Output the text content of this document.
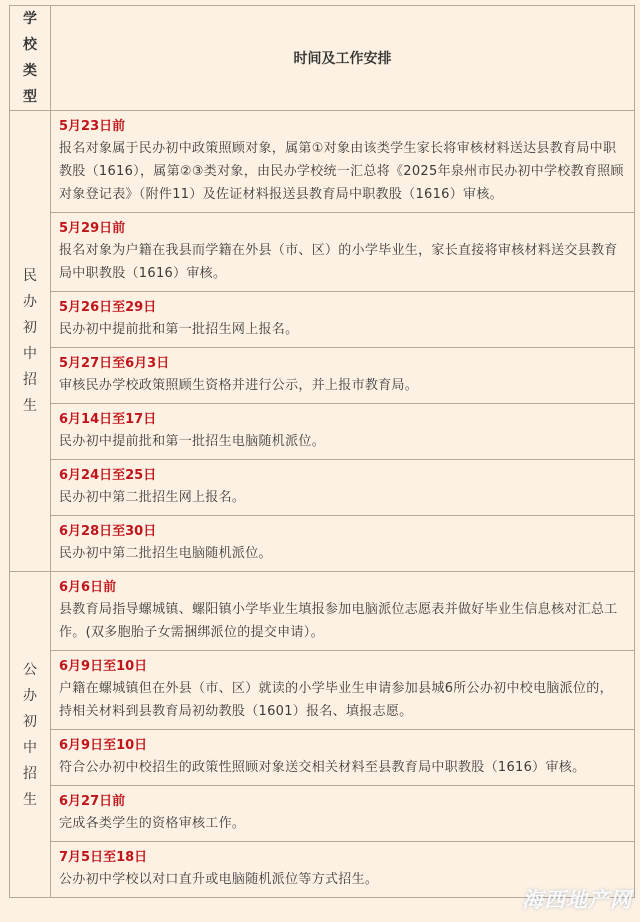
学校类型	时间及工作安排
民办初中招生	5月23日前
报名对象属于民办初中政策照顾对象，属第①对象由该类学生家长将审核材料送达县教育局中职教股（1616），属第②③类对象，由民办学校统一汇总将《2025年泉州市民办初中学校教育照顾对象登记表》（附件11）及佐证材料报送县教育局中职教股（1616）审核。

	5月29日前
报名对象为户籍在我县而学籍在外县（市、区）的小学毕业生，家长直接将审核材料送交县教育局中职教股（1616）审核。

	5月26日至29日
民办初中提前批和第一批招生网上报名。

	5月27日至6月3日
审核民办学校政策照顾生资格并进行公示，并上报市教育局。

	6月14日至17日
民办初中提前批和第一批招生电脑随机派位。

	6月24日至25日
民办初中第二批招生网上报名。

	6月28日至30日
民办初中第二批招生电脑随机派位。

公办初中招生	6月6日前
县教育局指导螺城镇、螺阳镇小学毕业生填报参加电脑派位志愿表并做好毕业生信息核对汇总工作。(双多胞胎子女需捆绑派位的提交申请）。

	6月9日至10日
户籍在螺城镇但在外县（市、区）就读的小学毕业生申请参加县城6所公办初中校电脑派位的，持相关材料到县教育局初幼教股（1601）报名、填报志愿。

	6月9日至10日
符合公办初中校招生的政策性照顾对象送交相关材料至县教育局中职教股（1616）审核。

	6月27日前
完成各类学生的资格审核工作。

	7月5日至18日
公办初中学校以对口直升或电脑随机派位等方式招生。
海西地产网
